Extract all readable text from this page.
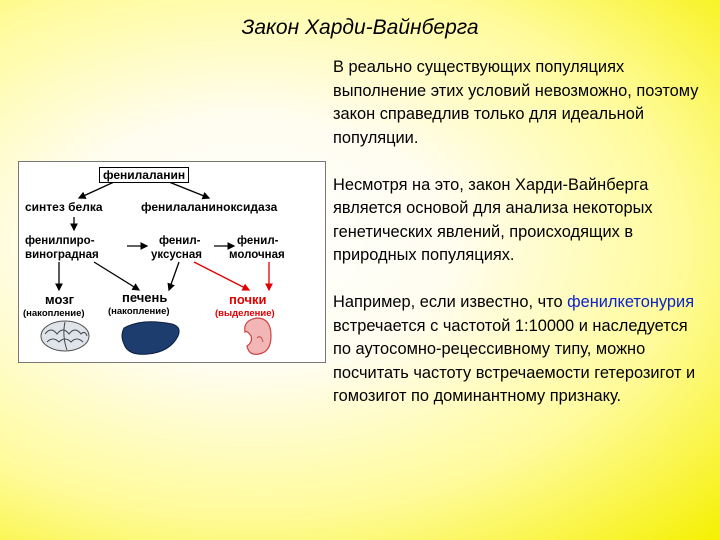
Закон Харди-Вайнберга

В реально существующих популяциях выполнение этих условий невозможно, поэтому закон справедлив только для идеальной популяции.

Несмотря на это, закон Харди-Вайнберга является основой для анализа некоторых генетических явлений, происходящих в природных популяциях.

Например, если известно, что фенилкетонурия встречается с частотой 1:10000 и наследуется по аутосомно-рецессивному типу, можно посчитать частоту встречаемости гетерозигот и гомозигот по доминантному признаку.

фенилаланин
синтез белка	фенилаланиноксидаза
фенилпиро-
виноградная
фенил-
уксусная
фенил-
молочная
мозг
(накопление)
печень
(накопление)
почки
(выделение)
